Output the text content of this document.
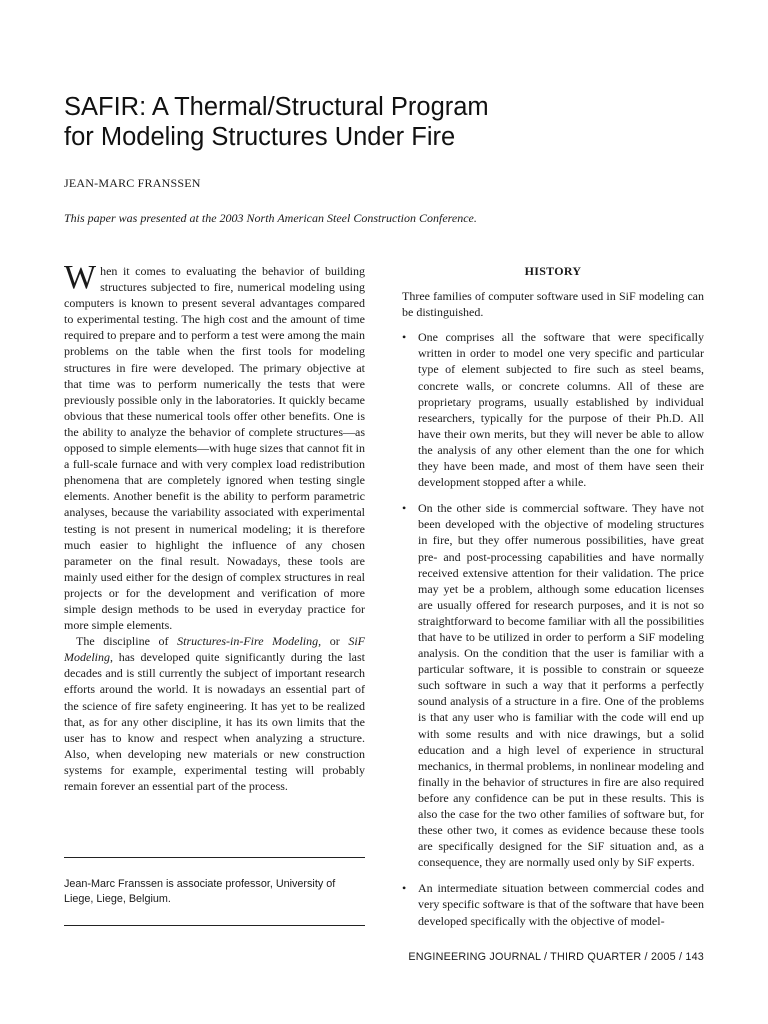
SAFIR: A Thermal/Structural Program
for Modeling Structures Under Fire
JEAN-MARC FRANSSEN
This paper was presented at the 2003 North American Steel Construction Conference.

When it comes to evaluating the behavior of building structures subjected to fire, numerical modeling using computers is known to present several advantages compared to experimental testing. The high cost and the amount of time required to prepare and to perform a test were among the main problems on the table when the first tools for modeling structures in fire were developed. The primary objective at that time was to perform numerically the tests that were previously possible only in the laboratories. It quickly became obvious that these numerical tools offer other benefits. One is the ability to analyze the behavior of complete structures—as opposed to simple elements—with huge sizes that cannot fit in a full-scale furnace and with very complex load redistribution phenomena that are completely ignored when testing single elements. Another benefit is the ability to perform parametric analyses, because the variability associated with experimental testing is not present in numerical modeling; it is therefore much easier to highlight the influence of any chosen parameter on the final result. Nowadays, these tools are mainly used either for the design of complex structures in real projects or for the development and verification of more simple design methods to be used in everyday practice for more simple elements.

The discipline of Structures-in-Fire Modeling, or SiF Modeling, has developed quite significantly during the last decades and is still currently the subject of important research efforts around the world. It is nowadays an essential part of the science of fire safety engineering. It has yet to be realized that, as for any other discipline, it has its own limits that the user has to know and respect when analyzing a structure. Also, when developing new materials or new construction systems for example, experimental testing will probably remain forever an essential part of the process.

Jean-Marc Franssen is associate professor, University of Liege, Liege, Belgium.
HISTORY

Three families of computer software used in SiF modeling can be distinguished.

• One comprises all the software that were specifically written in order to model one very specific and particular type of element subjected to fire such as steel beams, concrete walls, or concrete columns. All of these are proprietary programs, usually established by individual researchers, typically for the purpose of their Ph.D. All have their own merits, but they will never be able to allow the analysis of any other element than the one for which they have been made, and most of them have seen their development stopped after a while.
• On the other side is commercial software. They have not been developed with the objective of modeling structures in fire, but they offer numerous possibilities, have great pre- and post-processing capabilities and have normally received extensive attention for their validation. The price may yet be a problem, although some education licenses are usually offered for research purposes, and it is not so straightforward to become familiar with all the possibilities that have to be utilized in order to perform a SiF modeling analysis. On the condition that the user is familiar with a particular software, it is possible to constrain or squeeze such software in such a way that it performs a perfectly sound analysis of a structure in a fire. One of the problems is that any user who is familiar with the code will end up with some results and with nice drawings, but a solid education and a high level of experience in structural mechanics, in thermal problems, in nonlinear modeling and finally in the behavior of structures in fire are also required before any confidence can be put in these results. This is also the case for the two other families of software but, for these other two, it comes as evidence because these tools are specifically designed for the SiF situation and, as a consequence, they are normally used only by SiF experts.
• An intermediate situation between commercial codes and very specific software is that of the software that have been developed specifically with the objective of model-
ENGINEERING JOURNAL / THIRD QUARTER / 2005 / 143
